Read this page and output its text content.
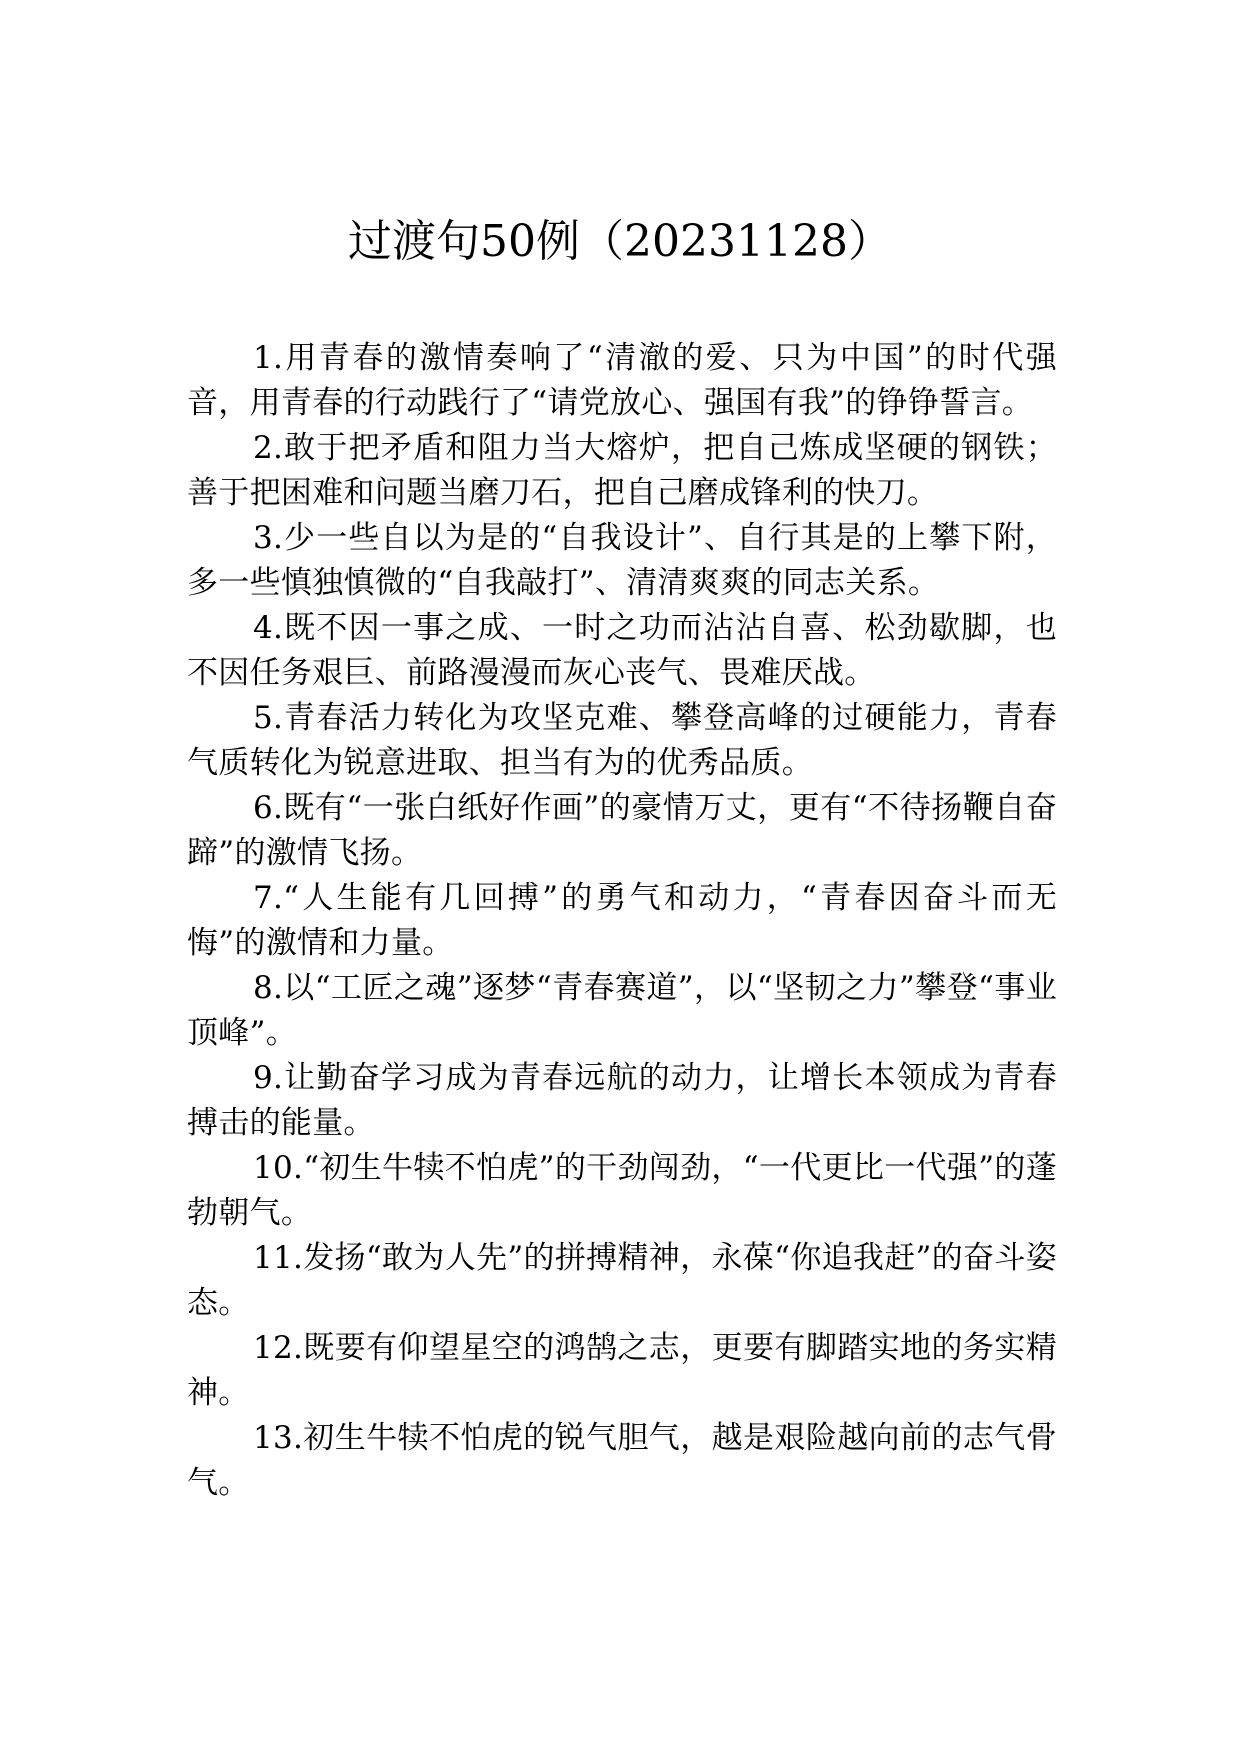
过渡句50例（20231128）

1.用青春的激情奏响了“清澈的爱、只为中国”的时代强音，用青春的行动践行了“请党放心、强国有我”的铮铮誓言。

2.敢于把矛盾和阻力当大熔炉，把自己炼成坚硬的钢铁；善于把困难和问题当磨刀石，把自己磨成锋利的快刀。

3.少一些自以为是的“自我设计”、自行其是的上攀下附，多一些慎独慎微的“自我敲打”、清清爽爽的同志关系。

4.既不因一事之成、一时之功而沾沾自喜、松劲歇脚，也不因任务艰巨、前路漫漫而灰心丧气、畏难厌战。

5.青春活力转化为攻坚克难、攀登高峰的过硬能力，青春气质转化为锐意进取、担当有为的优秀品质。

6.既有“一张白纸好作画”的豪情万丈，更有“不待扬鞭自奋蹄”的激情飞扬。

7.“人生能有几回搏”的勇气和动力，“青春因奋斗而无悔”的激情和力量。

8.以“工匠之魂”逐梦“青春赛道”，以“坚韧之力”攀登“事业顶峰”。

9.让勤奋学习成为青春远航的动力，让增长本领成为青春搏击的能量。

10.“初生牛犊不怕虎”的干劲闯劲，“一代更比一代强”的蓬勃朝气。

11.发扬“敢为人先”的拼搏精神，永葆“你追我赶”的奋斗姿态。

12.既要有仰望星空的鸿鹄之志，更要有脚踏实地的务实精神。

13.初生牛犊不怕虎的锐气胆气，越是艰险越向前的志气骨气。
